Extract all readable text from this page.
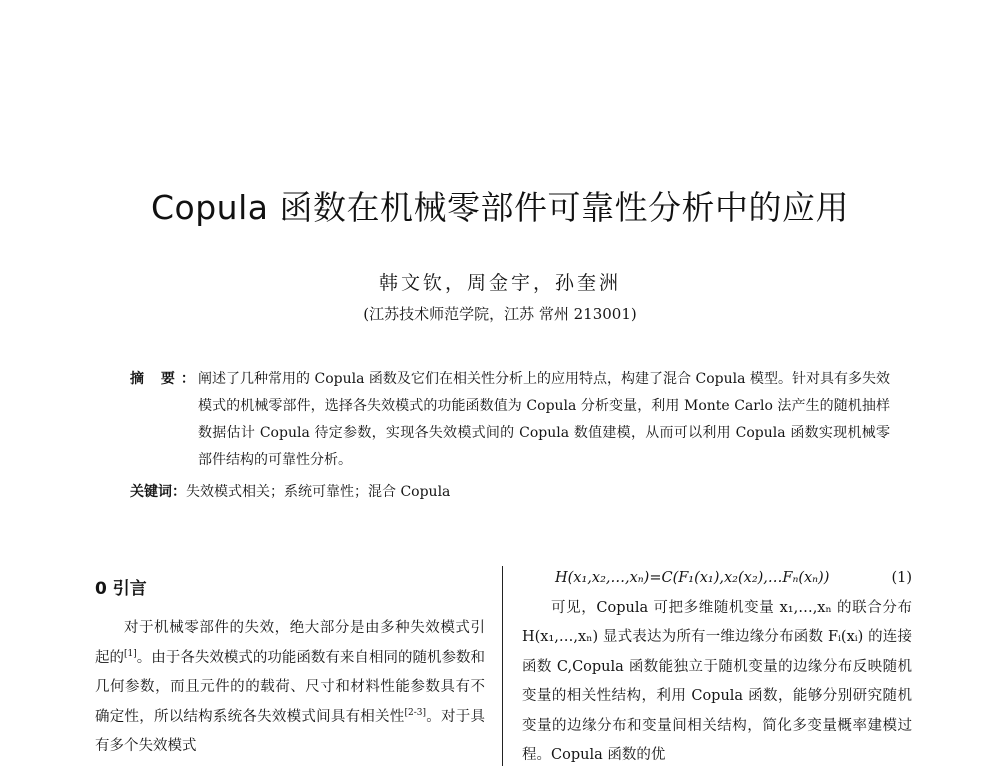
Copula 函数在机械零部件可靠性分析中的应用
韩文钦，周金宇，孙奎洲
(江苏技术师范学院，江苏 常州 213001)
摘 要：
阐述了几种常用的 Copula 函数及它们在相关性分析上的应用特点，构建了混合 Copula 模型。针对具有多失效模式的机械零部件，选择各失效模式的功能函数值为 Copula 分析变量，利用 Monte Carlo 法产生的随机抽样数据估计 Copula 待定参数，实现各失效模式间的 Copula 数值建模，从而可以利用 Copula 函数实现机械零部件结构的可靠性分析。
关键词：失效模式相关；系统可靠性；混合 Copula
0 引言
对于机械零部件的失效，绝大部分是由多种失效模式引起的[1]。由于各失效模式的功能函数有来自相同的随机参数和几何参数，而且元件的的载荷、尺寸和材料性能参数具有不确定性，所以结构系统各失效模式间具有相关性[2-3]。对于具有多个失效模式
H(x₁,x₂,…,xₙ)=C(F₁(x₁),x₂(x₂),…Fₙ(xₙ))	(1)
可见，Copula 可把多维随机变量 x₁,…,xₙ 的联合分布 H(x₁,…,xₙ) 显式表达为所有一维边缘分布函数 Fᵢ(xᵢ) 的连接函数 C,Copula 函数能独立于随机变量的边缘分布反映随机变量的相关性结构，利用 Copula 函数，能够分别研究随机变量的边缘分布和变量间相关结构，简化多变量概率建模过程。Copula 函数的优
